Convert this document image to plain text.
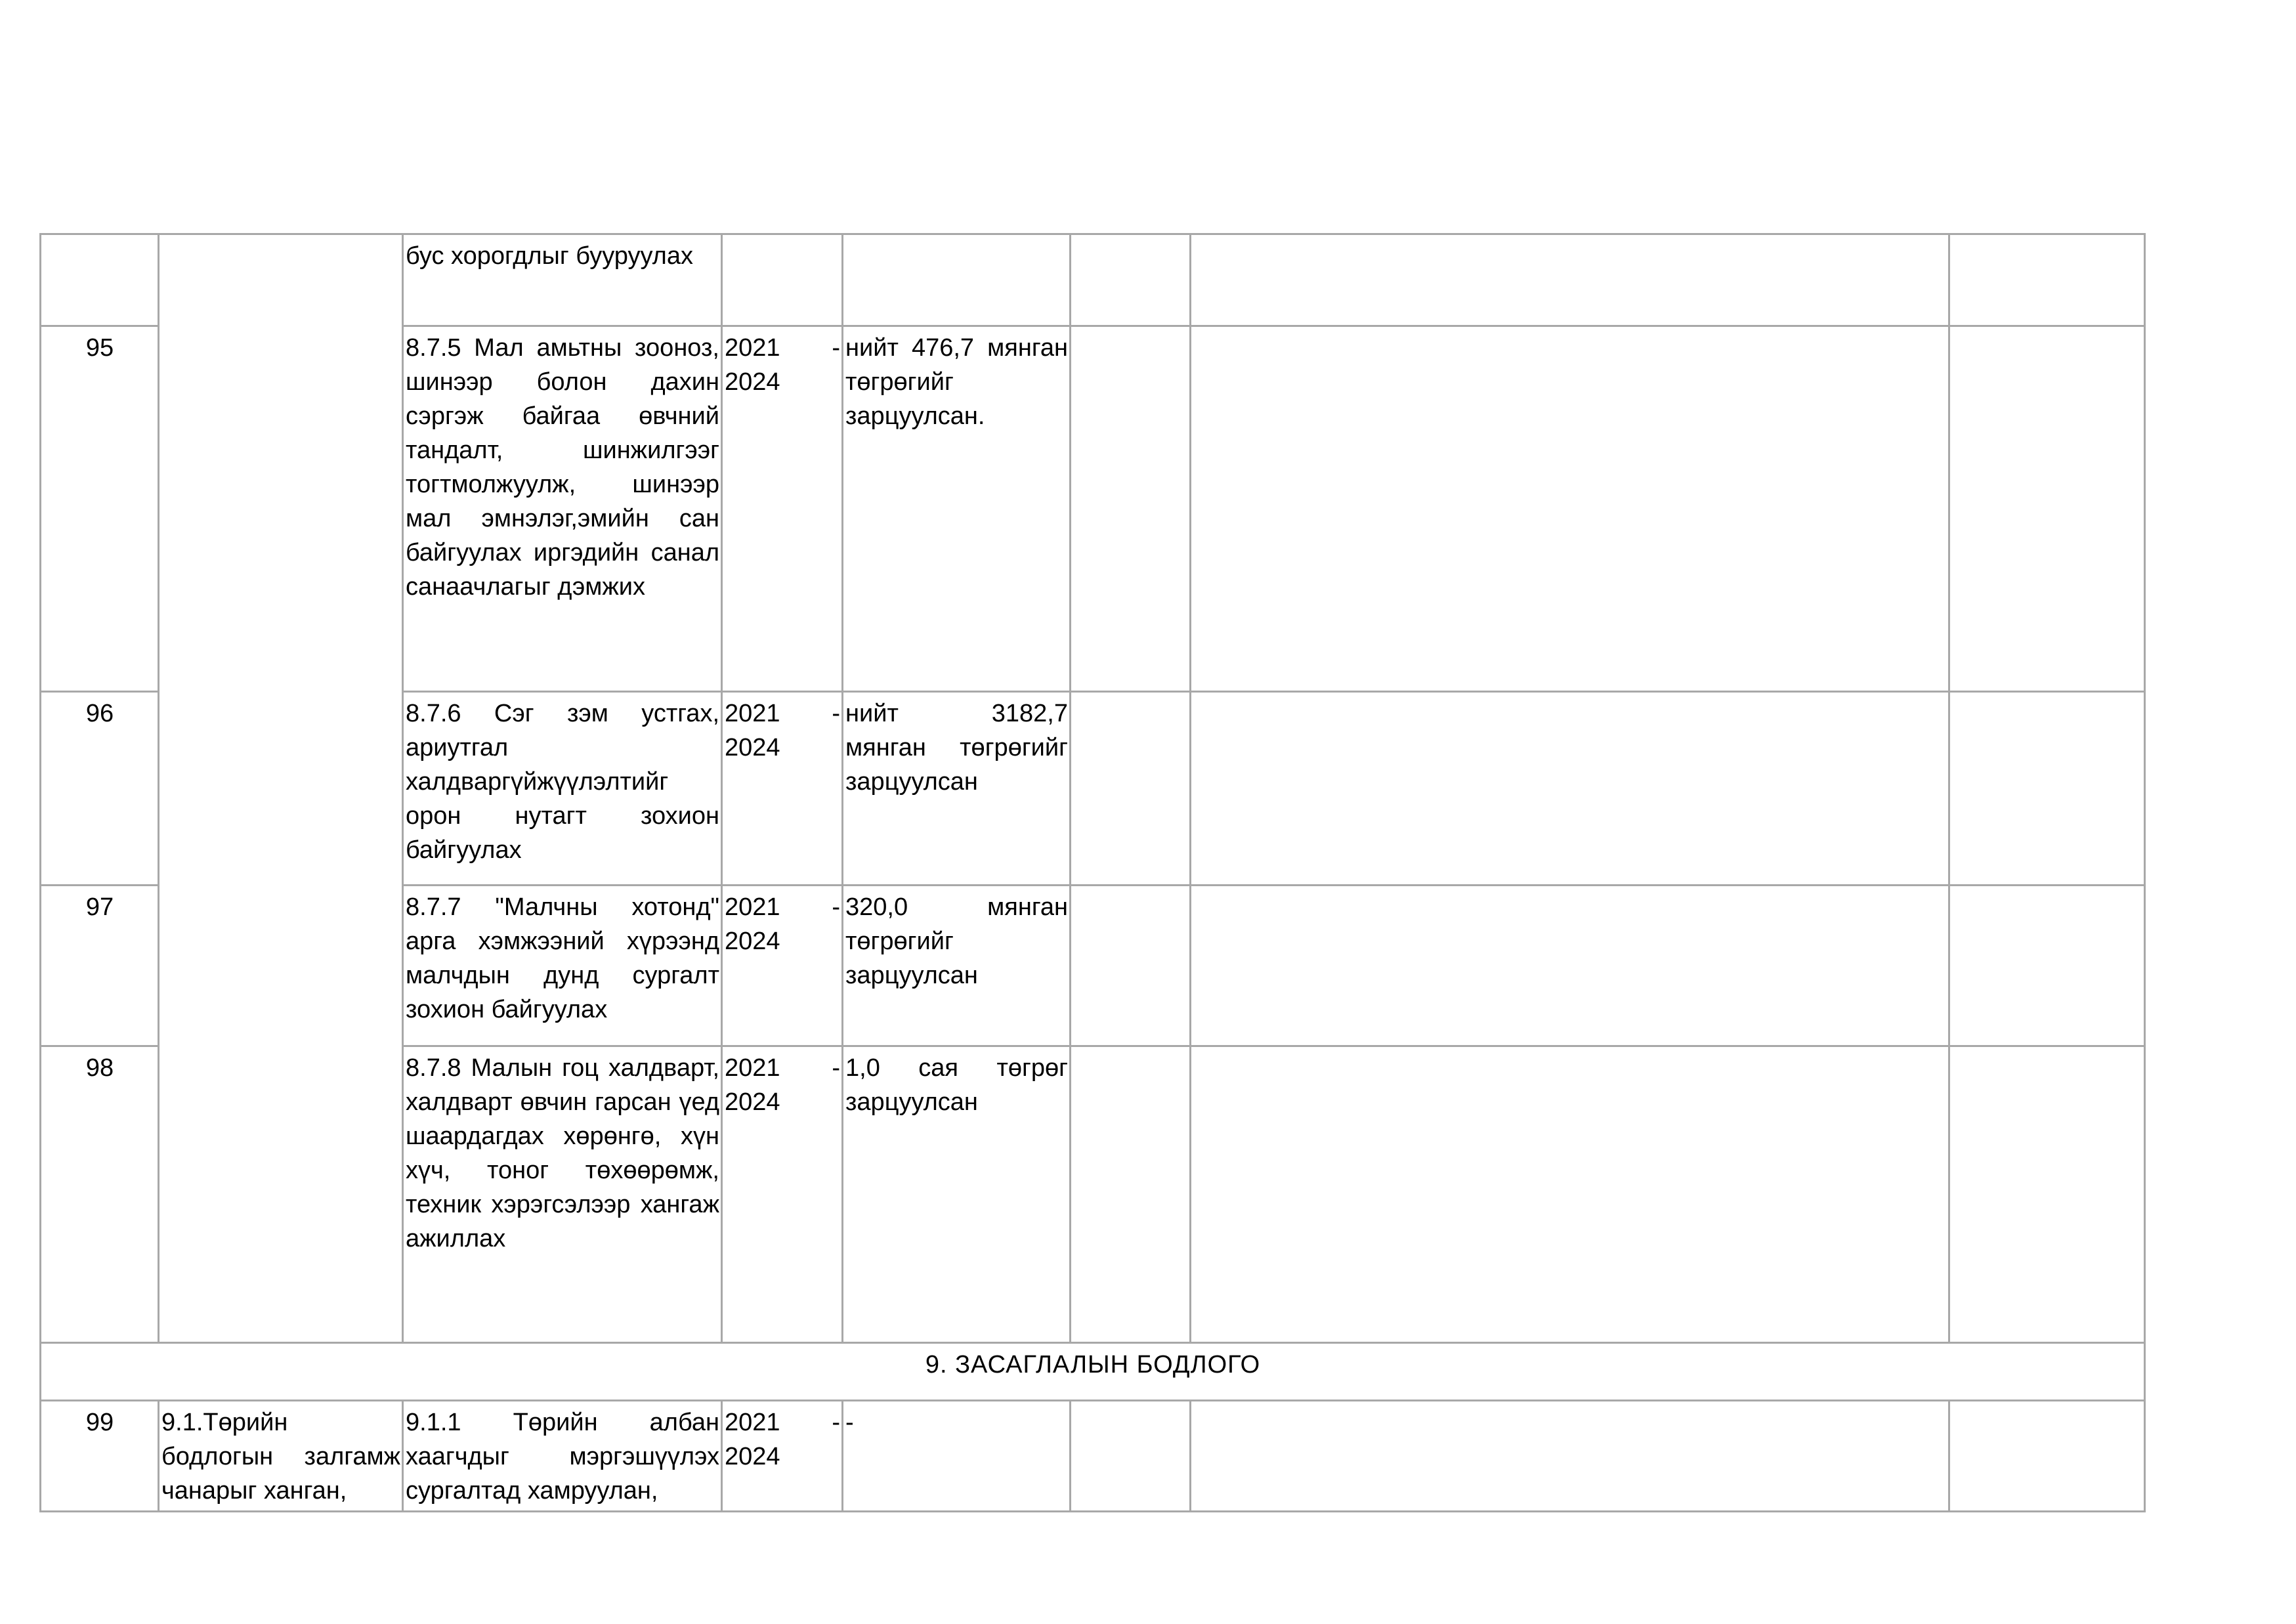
		бус хорогдлыг бууруулах					
95		8.7.5 Мал амьтны зооноз, шинээр болон дахин сэргэж байгаа өвчний тандалт, шинжилгээг тогтмолжуулж, шинээр мал эмнэлэг,эмийн сан байгуулах иргэдийн санал санаачлагыг дэмжих	2021 - 2024	нийт 476,7 мянган төгрөгийг зарцуулсан.			
96		8.7.6 Сэг зэм устгах, ариутгал халдваргүйжүүлэлтийг орон нутагт зохион байгуулах	2021 - 2024	нийт 3182,7 мянган төгрөгийг зарцуулсан			
97		8.7.7 "Малчны хотонд" арга хэмжээний хүрээнд малчдын дунд сургалт зохион байгуулах	2021 - 2024	320,0 мянган төгрөгийг зарцуулсан			
98		8.7.8 Малын гоц халдварт, халдварт өвчин гарсан үед шаардагдах хөрөнгө, хүн хүч, тоног төхөөрөмж, техник хэрэгсэлээр хангаж ажиллах	2021 - 2024	1,0 сая төгрөг зарцуулсан			
9. ЗАСАГЛАЛЫН БОДЛОГО							
99	9.1.Төрийн бодлогын залгамж чанарыг ханган,	9.1.1 Төрийн албан хаагчдыг мэргэшүүлэх сургалтад хамруулан,	2021 - 2024	-			
